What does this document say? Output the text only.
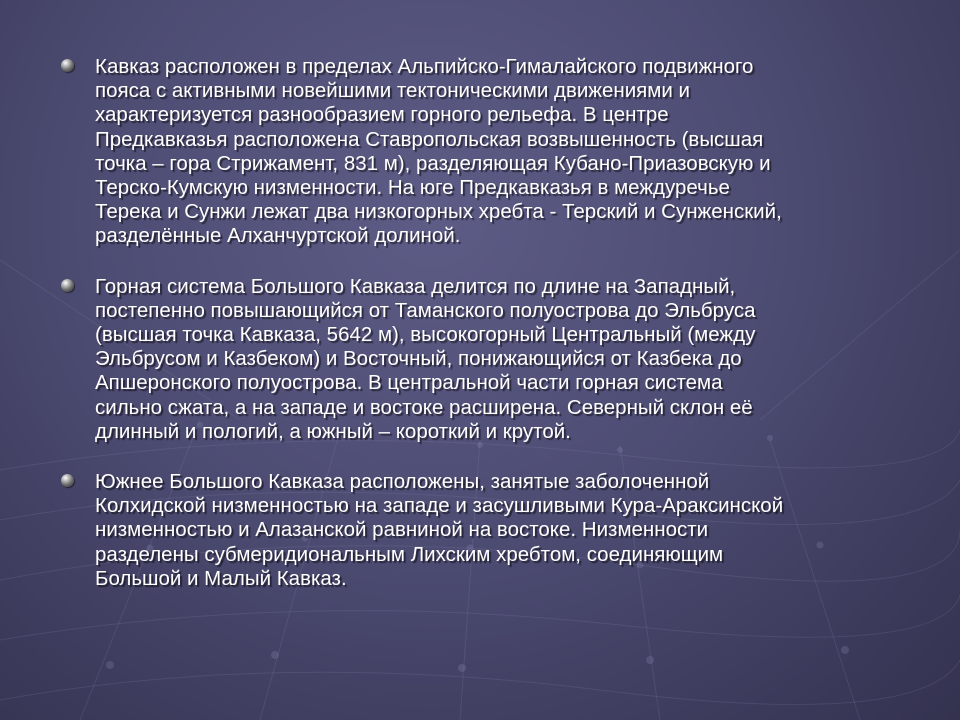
Кавказ расположен в пределах Альпийско-Гималайского подвижного
пояса с активными новейшими тектоническими движениями и
характеризуется разнообразием горного рельефа. В центре
Предкавказья расположена Ставропольская возвышенность (высшая
точка – гора Стрижамент, 831 м), разделяющая Кубано-Приазовскую и
Терско-Кумскую низменности. На юге Предкавказья в междуречье
Терека и Сунжи лежат два низкогорных хребта - Терский и Сунженский,
разделённые Алханчуртской долиной.

Горная система Большого Кавказа делится по длине на Западный,
постепенно повышающийся от Таманского полуострова до Эльбруса
(высшая точка Кавказа, 5642 м), высокогорный Центральный (между
Эльбрусом и Казбеком) и Восточный, понижающийся от Казбека до
Апшеронского полуострова. В центральной части горная система
сильно сжата, а на западе и востоке расширена. Северный склон её
длинный и пологий, а южный – короткий и крутой.

Южнее Большого Кавказа расположены, занятые заболоченной
Колхидской низменностью на западе и засушливыми Кура-Араксинской
низменностью и Алазанской равниной на востоке. Низменности
разделены субмеридиональным Лихским хребтом, соединяющим
Большой и Малый Кавказ.
